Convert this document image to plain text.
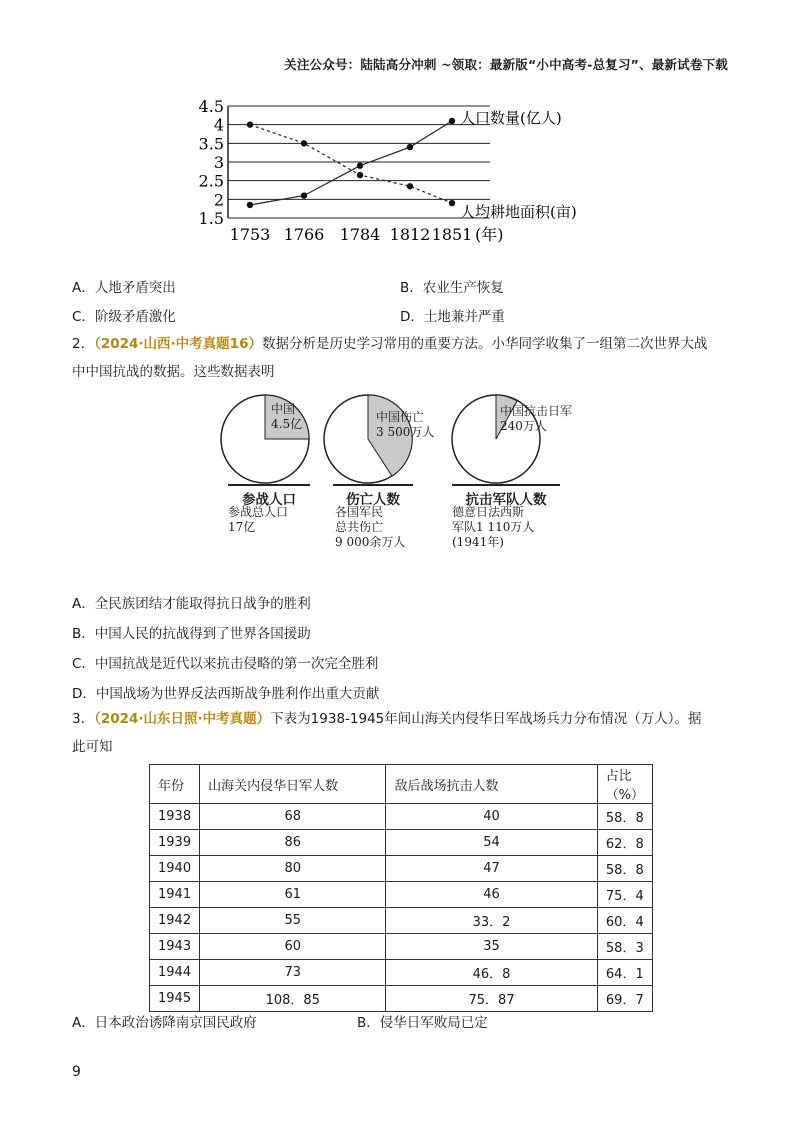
关注公众号：陆陆高分冲刺 ~领取：最新版“小中高考-总复习”、最新试卷下载
4.5
4
3.5
3
2.5
2
1.5
1753 1766 1784 1812 1851 (年)
人口数量(亿人)
人均耕地面积(亩)
A．人地矛盾突出	B．农业生产恢复
C．阶级矛盾激化	D．土地兼并严重
2．（2024·山西·中考真题16）数据分析是历史学习常用的重要方法。小华同学收集了一组第二次世界大战
中中国抗战的数据。这些数据表明
中国
4.5亿	中国伤亡
3 500万人
中国抗击日军
240万人
参战人口	伤亡人数	抗击军队人数
参战总人口
17亿
各国军民
总共伤亡
9 000余万人
德意日法西斯
军队1 110万人
(1941年)
A．全民族团结才能取得抗日战争的胜利
B．中国人民的抗战得到了世界各国援助
C．中国抗战是近代以来抗击侵略的第一次完全胜利
D．中国战场为世界反法西斯战争胜利作出重大贡献
3．（2024·山东日照·中考真题）下表为1938-1945年间山海关内侵华日军战场兵力分布情况（万人）。据
此可知
年份	山海关内侵华日军人数	敌后战场抗击人数	占比（%）
1938	68	40	58．8
1939	86	54	62．8
1940	80	47	58．8
1941	61	46	75．4
1942	55	33．2	60．4
1943	60	35	58．3
1944	73	46．8	64．1
1945	108．85	75．87	69．7
A．日本政治诱降南京国民政府	B．侵华日军败局已定
9
